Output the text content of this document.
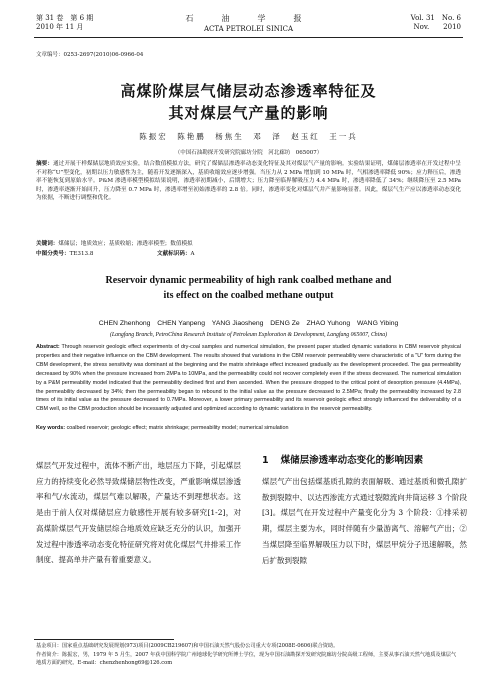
第 31 卷　第 6 期
2010 年 11 月
石　油　学　报
ACTA PETROLEI SINICA
Vol. 31　No. 6
Nov.　　2010
文章编号：0253-2697(2010)06-0966-04
高煤阶煤层气储层动态渗透率特征及
其对煤层气产量的影响
陈振宏　陈艳鹏　杨焦生　邓　泽　赵玉红　王一兵
（中国石油勘探开发研究院廊坊分院　河北廊坊　065007）

摘要：通过开展干样煤储层地质效应实验，结合数值模拟方法，研究了煤储层渗透率动态变化特征及其对煤层气产量的影响。实验结果证明，煤储层渗透率在开发过程中呈不对称“U”型变化，初期以压力敏感性为主，随着开发逐渐深入，基质收缩效应逐步增强。当压力从 2 MPa 增加到 10 MPa 时，气相渗透率降低 90%；应力释压后，渗透率不能恢复到原始水平。P&M 渗透率模型模拟结果说明，渗透率初期减小，后期增大；压力降至临界解吸压力 4.4 MPa 时，渗透率降低了 34%；继续降压至 2.5 MPa 时，渗透率逐渐开始回升，压力降至 0.7 MPa 时，渗透率增至初始渗透率的 2.8 倍。同时，渗透率变化对煤层气井产量影响显著。因此，煤层气生产应以渗透率动态变化为依据，不断进行调整和优化。

关键词：煤储层；地质效应；基质收缩；渗透率模型；数值模拟

中图分类号：TE313.8	文献标识码：A

Reservoir dynamic permeability of high rank coalbed methane and
its effect on the coalbed methane output
CHEN Zhenhong　CHEN Yanpeng　YANG Jiaosheng　DENG Ze　ZHAO Yuhong　WANG Yibing
(Langfang Branch, PetroChina Research Institute of Petroleum Exploration & Development, Langfang 065007, China)

Abstract: Through reservoir geologic effect experiments of dry-coal samples and numerical simulation, the present paper studied dynamic variations in CBM reservoir physical properties and their negative influence on the CBM development. The results showed that variations in the CBM reservoir permeability were characteristic of a "U" form during the CBM development, the stress sensitivity was dominant at the beginning and the matrix shrinkage effect increased gradually as the development proceeded. The gas permeability decreased by 90% when the pressure increased from 2MPa to 10MPa, and the permeability could not recover completely even if the stress decreased. The numerical simulation by a P&M permeability model indicated that the permeability declined first and then ascended. When the pressure dropped to the critical point of desorption pressure (4.4MPa), the permeability decreased by 34%; then the permeability began to rebound to the initial value as the pressure decreased to 2.5MPa; finally the permeability increased by 2.8 times of its initial value as the pressure decreased to 0.7MPa. Moreover, a lower primary permeability and its reservoir geologic effect strongly influenced the deliverability of a CBM well, so the CBM production should be incessantly adjusted and optimized according to dynamic variations in the reservoir permeability.

Key words: coalbed reservoir; geologic effect; matrix shrinkage; permeability model; numerical simulation

煤层气开发过程中，流体不断产出，地层压力下降，引起煤层应力的持续变化必然导致煤储层物性改变，严重影响煤层渗透率和气/水流动，煤层气难以解吸，产量达不到理想状态。这是由于前人仅对煤储层应力敏感性开展有较多研究[1-2]，对高煤阶煤层气开发储层综合地质效应缺乏充分的认识，加强开发过程中渗透率动态变化特征研究将对优化煤层气井排采工作制度、提高单井产量有着重要意义。

1 煤储层渗透率动态变化的影响因素

煤层气产出包括煤基质孔隙的表面解吸、通过基质和微孔隙扩散到裂隙中、以达西渗流方式通过裂隙流向井筒运移 3 个阶段[3]。煤层气在开发过程中产量变化分为 3 个阶段：①排采初期，煤层主要为水，同时伴随有少量游离气、溶解气产出；②当煤层降至临界解吸压力以下时，煤层甲烷分子迅速解吸，然后扩散到裂隙

基金项目：国家重点基础研究发展规划(973)项目(2009CB219607)和中国石油天然气股份公司重大专项(2008E-0606)联合资助。

作者简介：陈振宏，男，1979 年 5 月生，2007 年获中国科学院广州地球化学研究所博士学位，现为中国石油勘探开发研究院廊坊分院高级工程师，主要从事石油天然气地质及煤层气地质方面的研究。E-mail：chenzhenhong69@126.com
